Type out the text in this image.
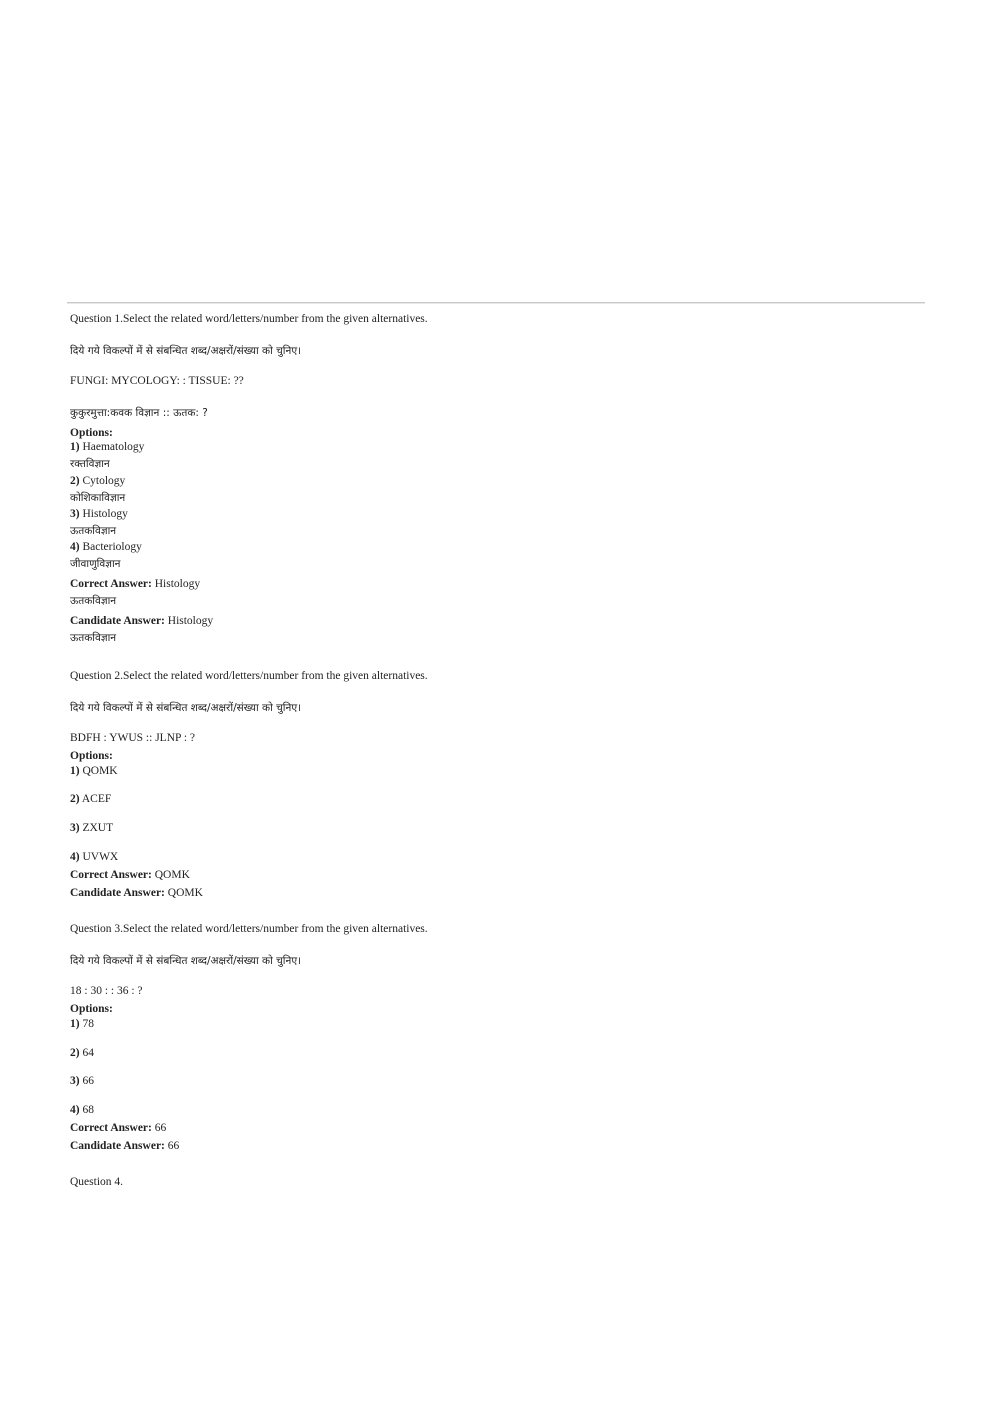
Question 1.Select the related word/letters/number from the given alternatives.
दिये गये विकल्पों में से संबन्धित शब्द/अक्षरों/संख्या को चुनिए।
FUNGI: MYCOLOGY: : TISSUE: ??
कुकुरमुत्ता:कवक विज्ञान :: ऊतक: ?
Options:
1) Haematology
रक्तविज्ञान
2) Cytology
कोशिकाविज्ञान
3) Histology
ऊतकविज्ञान
4) Bacteriology
जीवाणुविज्ञान
Correct Answer: Histology
ऊतकविज्ञान
Candidate Answer: Histology
ऊतकविज्ञान
Question 2.Select the related word/letters/number from the given alternatives.
दिये गये विकल्पों में से संबन्धित शब्द/अक्षरों/संख्या को चुनिए।
BDFH : YWUS :: JLNP : ?
Options:
1) QOMK
2) ACEF
3) ZXUT
4) UVWX
Correct Answer: QOMK
Candidate Answer: QOMK
Question 3.Select the related word/letters/number from the given alternatives.
दिये गये विकल्पों में से संबन्धित शब्द/अक्षरों/संख्या को चुनिए।
18 : 30 : : 36 : ?
Options:
1) 78
2) 64
3) 66
4) 68
Correct Answer: 66
Candidate Answer: 66
Question 4.
